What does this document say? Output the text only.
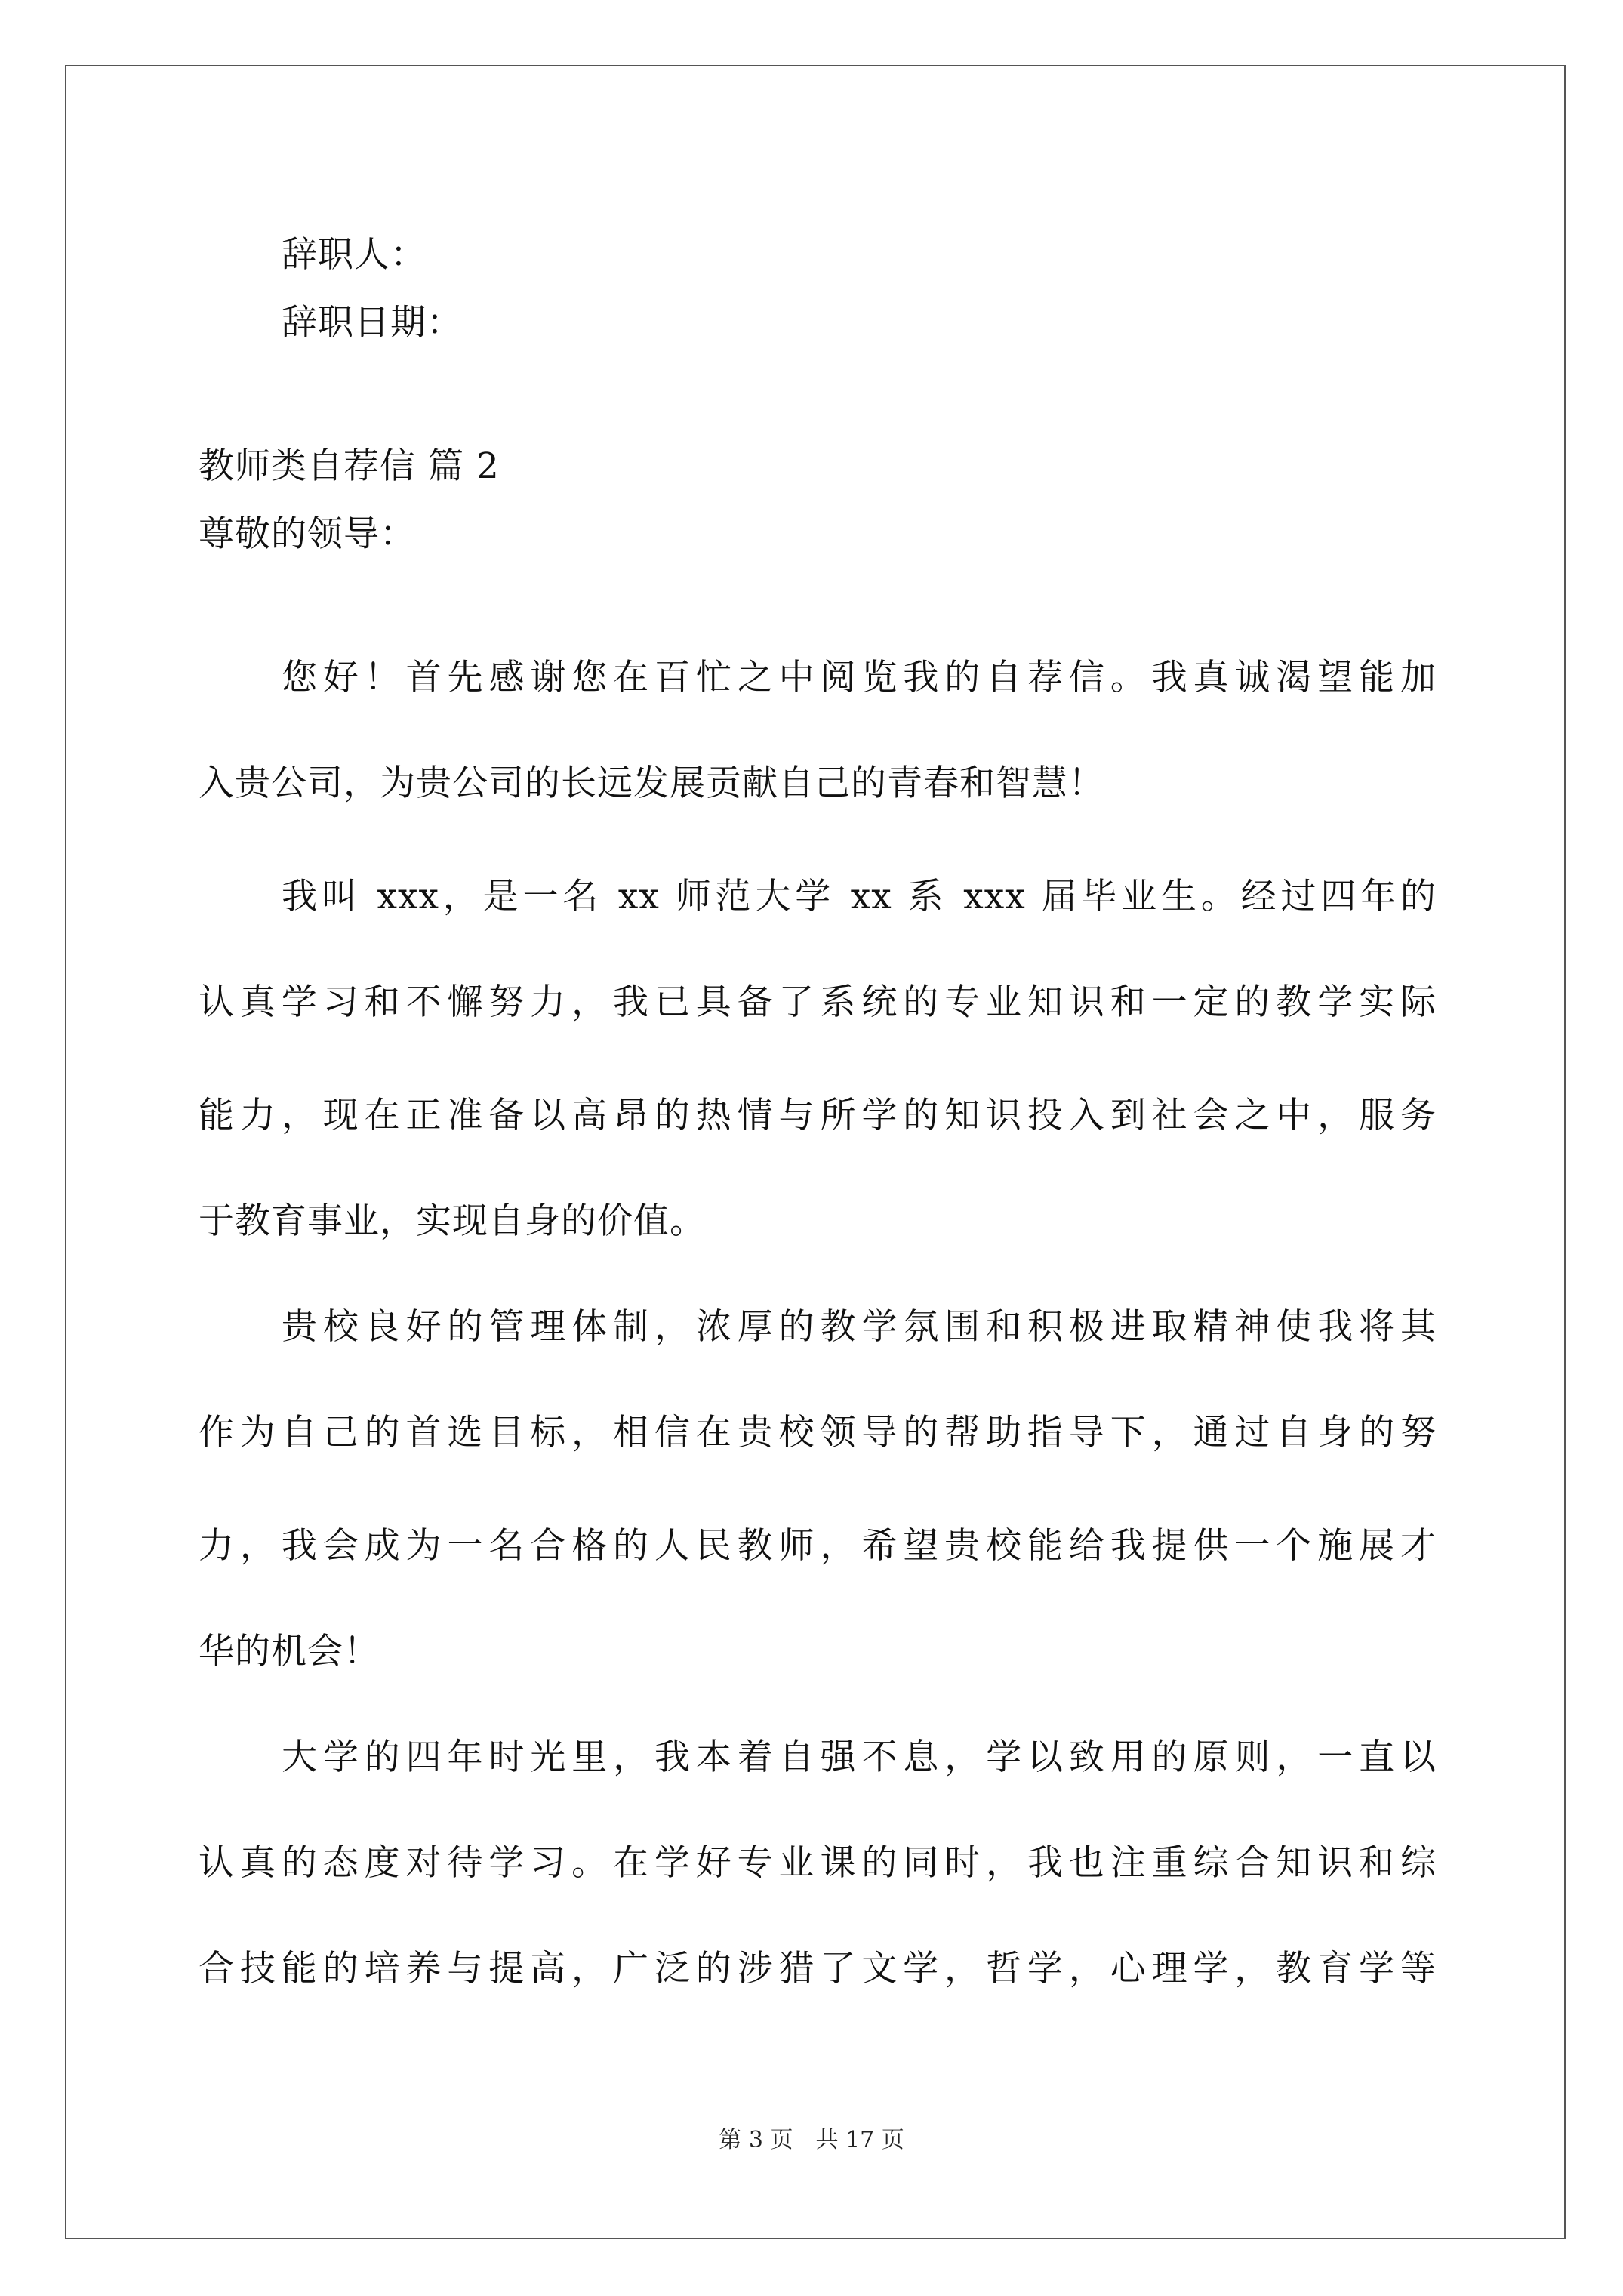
辞职人：
辞职日期：
教师类自荐信 篇 2
尊敬的领导：
您好！首先感谢您在百忙之中阅览我的自荐信。我真诚渴望能加
入贵公司，为贵公司的长远发展贡献自己的青春和智慧！
我叫 xxx，是一名 xx 师范大学 xx 系 xxx 届毕业生。经过四年的
认真学习和不懈努力，我已具备了系统的专业知识和一定的教学实际
能力，现在正准备以高昂的热情与所学的知识投入到社会之中，服务
于教育事业，实现自身的价值。
贵校良好的管理体制，浓厚的教学氛围和积极进取精神使我将其
作为自己的首选目标，相信在贵校领导的帮助指导下，通过自身的努
力，我会成为一名合格的人民教师，希望贵校能给我提供一个施展才
华的机会！
大学的四年时光里，我本着自强不息，学以致用的原则，一直以
认真的态度对待学习。在学好专业课的同时，我也注重综合知识和综
合技能的培养与提高，广泛的涉猎了文学，哲学，心理学，教育学等
第 3 页　共 17 页
